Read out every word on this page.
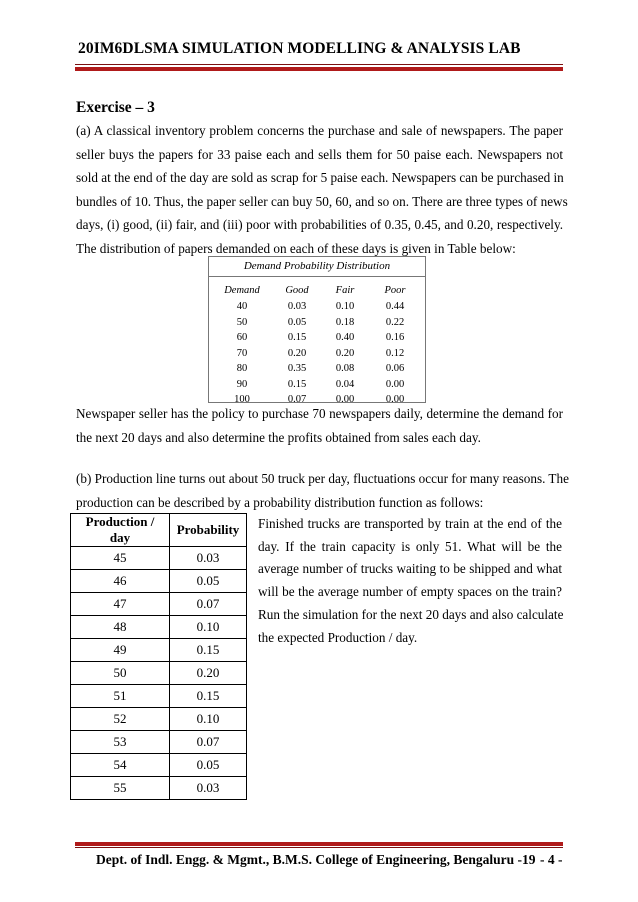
20IM6DLSMA SIMULATION MODELLING & ANALYSIS LAB
Exercise – 3
(a) A classical inventory problem concerns the purchase and sale of newspapers. The paper
seller buys the papers for 33 paise each and sells them for 50 paise each. Newspapers not
sold at the end of the day are sold as scrap for 5 paise each. Newspapers can be purchased in
bundles of 10. Thus, the paper seller can buy 50, 60, and so on. There are three types of news
days, (i) good, (ii) fair, and (iii) poor with probabilities of 0.35, 0.45, and 0.20, respectively.
The distribution of papers demanded on each of these days is given in Table below:
Demand Probability Distribution
Demand	Good	Fair	Poor
40	0.03	0.10	0.44
50	0.05	0.18	0.22
60	0.15	0.40	0.16
70	0.20	0.20	0.12
80	0.35	0.08	0.06
90	0.15	0.04	0.00
100	0.07	0.00	0.00
Newspaper seller has the policy to purchase 70 newspapers daily, determine the demand for
the next 20 days and also determine the profits obtained from sales each day.
(b) Production line turns out about 50 truck per day, fluctuations occur for many reasons. The
production can be described by a probability distribution function as follows:
Production / day	Probability
45	0.03
46	0.05
47	0.07
48	0.10
49	0.15
50	0.20
51	0.15
52	0.10
53	0.07
54	0.05
55	0.03
Finished trucks are transported by train at the end of the
day. If the train capacity is only 51. What will be the
average number of trucks waiting to be shipped and what
will be the average number of empty spaces on the train?
Run the simulation for the next 20 days and also calculate
the expected Production / day.
Dept. of Indl. Engg. & Mgmt., B.M.S. College of Engineering, Bengaluru -19 - 4 -
